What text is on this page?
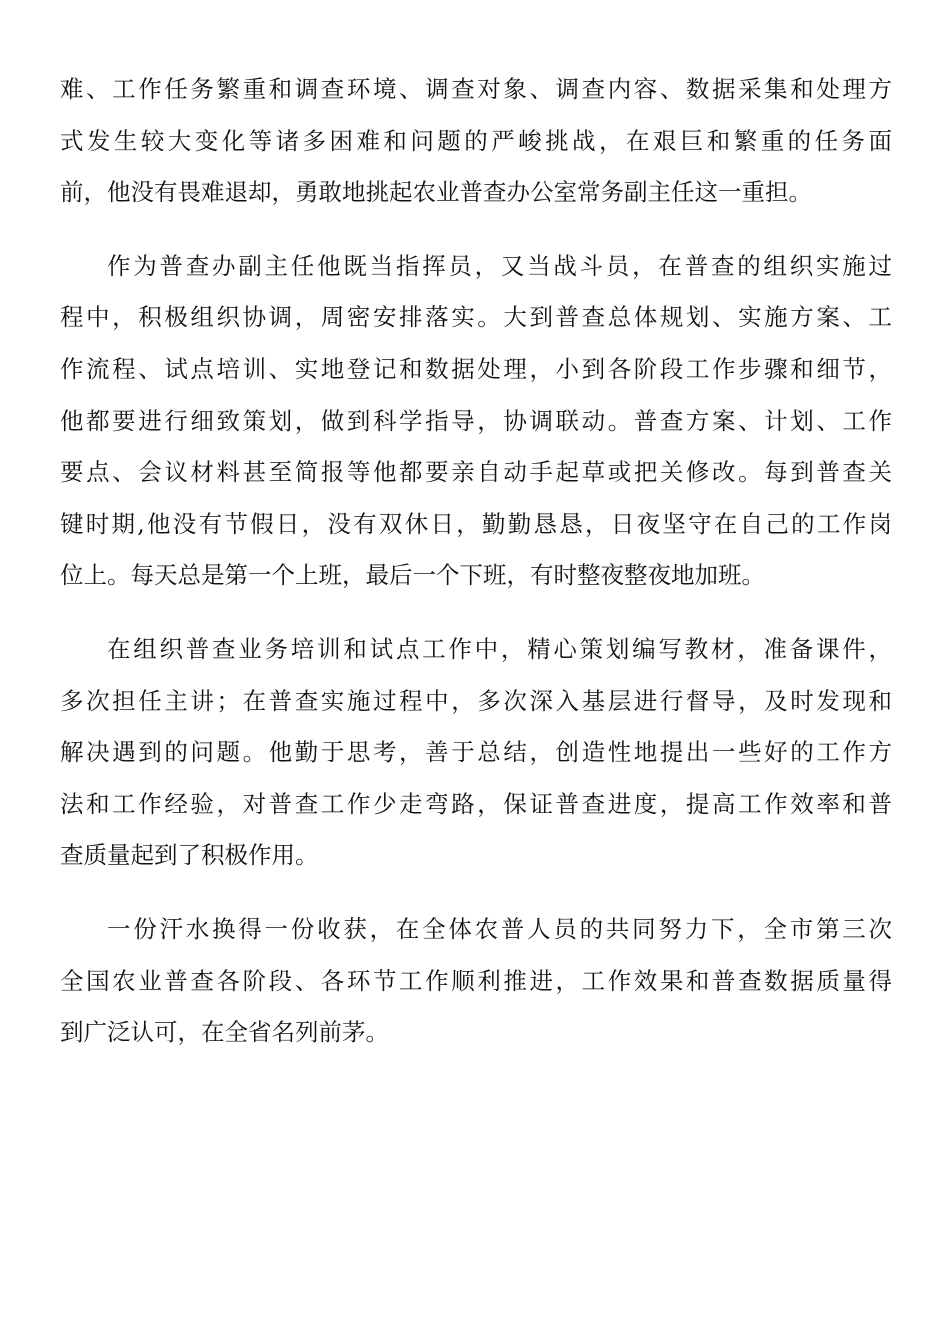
难、工作任务繁重和调查环境、调查对象、调查内容、数据采集和处理方
式发生较大变化等诸多困难和问题的严峻挑战，在艰巨和繁重的任务面
前，他没有畏难退却，勇敢地挑起农业普查办公室常务副主任这一重担。

作为普查办副主任他既当指挥员，又当战斗员，在普查的组织实施过
程中，积极组织协调，周密安排落实。大到普查总体规划、实施方案、工
作流程、试点培训、实地登记和数据处理，小到各阶段工作步骤和细节，
他都要进行细致策划，做到科学指导，协调联动。普查方案、计划、工作
要点、会议材料甚至简报等他都要亲自动手起草或把关修改。每到普查关
键时期,他没有节假日，没有双休日，勤勤恳恳，日夜坚守在自己的工作岗
位上。每天总是第一个上班，最后一个下班，有时整夜整夜地加班。

在组织普查业务培训和试点工作中，精心策划编写教材，准备课件，
多次担任主讲；在普查实施过程中，多次深入基层进行督导，及时发现和
解决遇到的问题。他勤于思考，善于总结，创造性地提出一些好的工作方
法和工作经验，对普查工作少走弯路，保证普查进度，提高工作效率和普
查质量起到了积极作用。

一份汗水换得一份收获，在全体农普人员的共同努力下，全市第三次
全国农业普查各阶段、各环节工作顺利推进，工作效果和普查数据质量得
到广泛认可，在全省名列前茅。
